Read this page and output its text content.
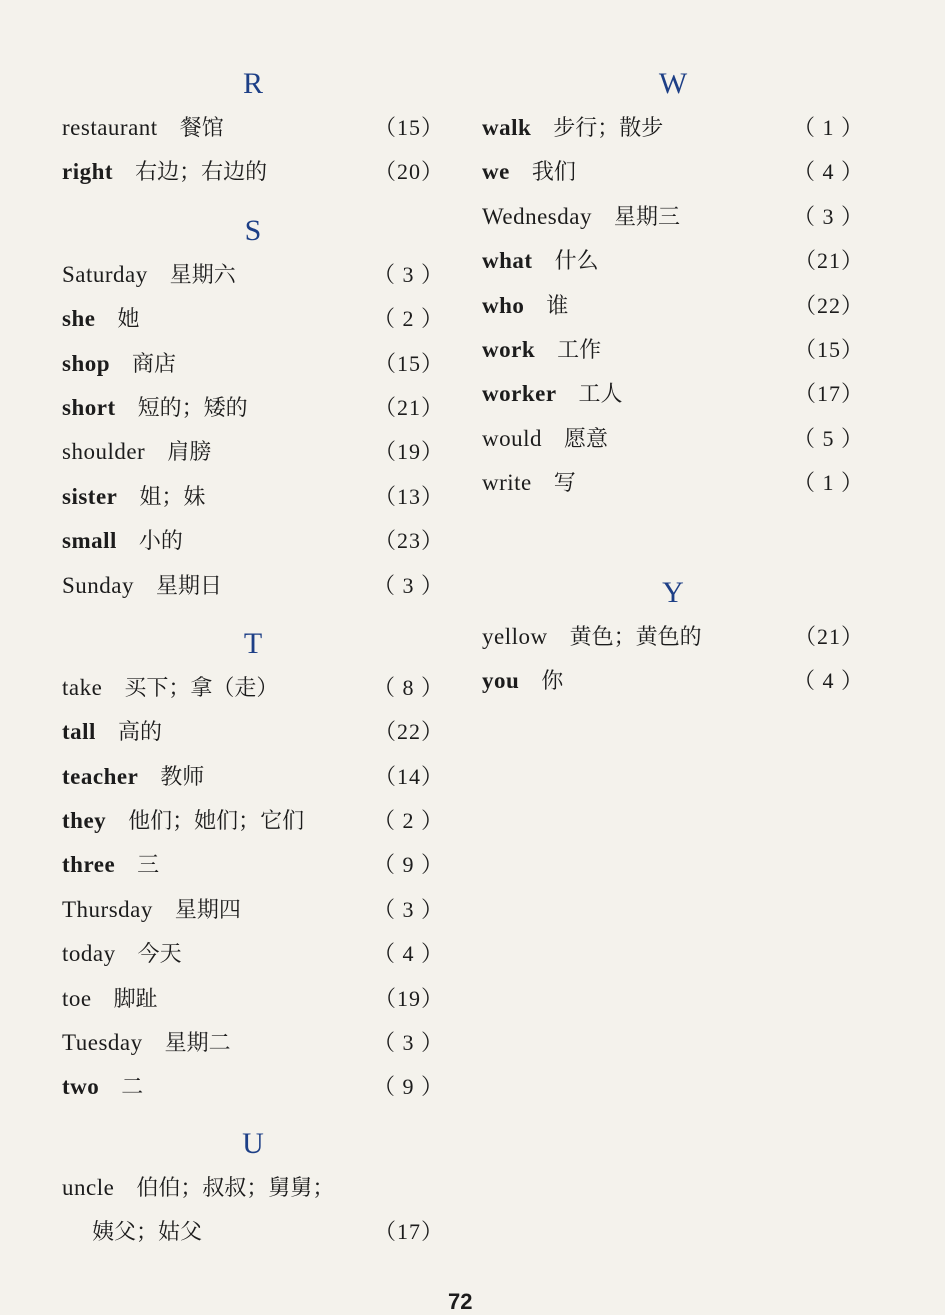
R
restaurant 餐馆	（15）
right 右边；右边的	（20）
S
Saturday 星期六	（ 3 ）
she 她	（ 2 ）
shop 商店	（15）
short 短的；矮的	（21）
shoulder 肩膀	（19）
sister 姐；妹	（13）
small 小的	（23）
Sunday 星期日	（ 3 ）
T
take 买下；拿（走）	（ 8 ）
tall 高的	（22）
teacher 教师	（14）
they 他们；她们；它们	（ 2 ）
three 三	（ 9 ）
Thursday 星期四	（ 3 ）
today 今天	（ 4 ）
toe 脚趾	（19）
Tuesday 星期二	（ 3 ）
two 二	（ 9 ）
U
uncle 伯伯；叔叔；舅舅；
姨父；姑父	（17）
W
walk 步行；散步	（ 1 ）
we 我们	（ 4 ）
Wednesday 星期三	（ 3 ）
what 什么	（21）
who 谁	（22）
work 工作	（15）
worker 工人	（17）
would 愿意	（ 5 ）
write 写	（ 1 ）
Y
yellow 黄色；黄色的	（21）
you 你	（ 4 ）
72
